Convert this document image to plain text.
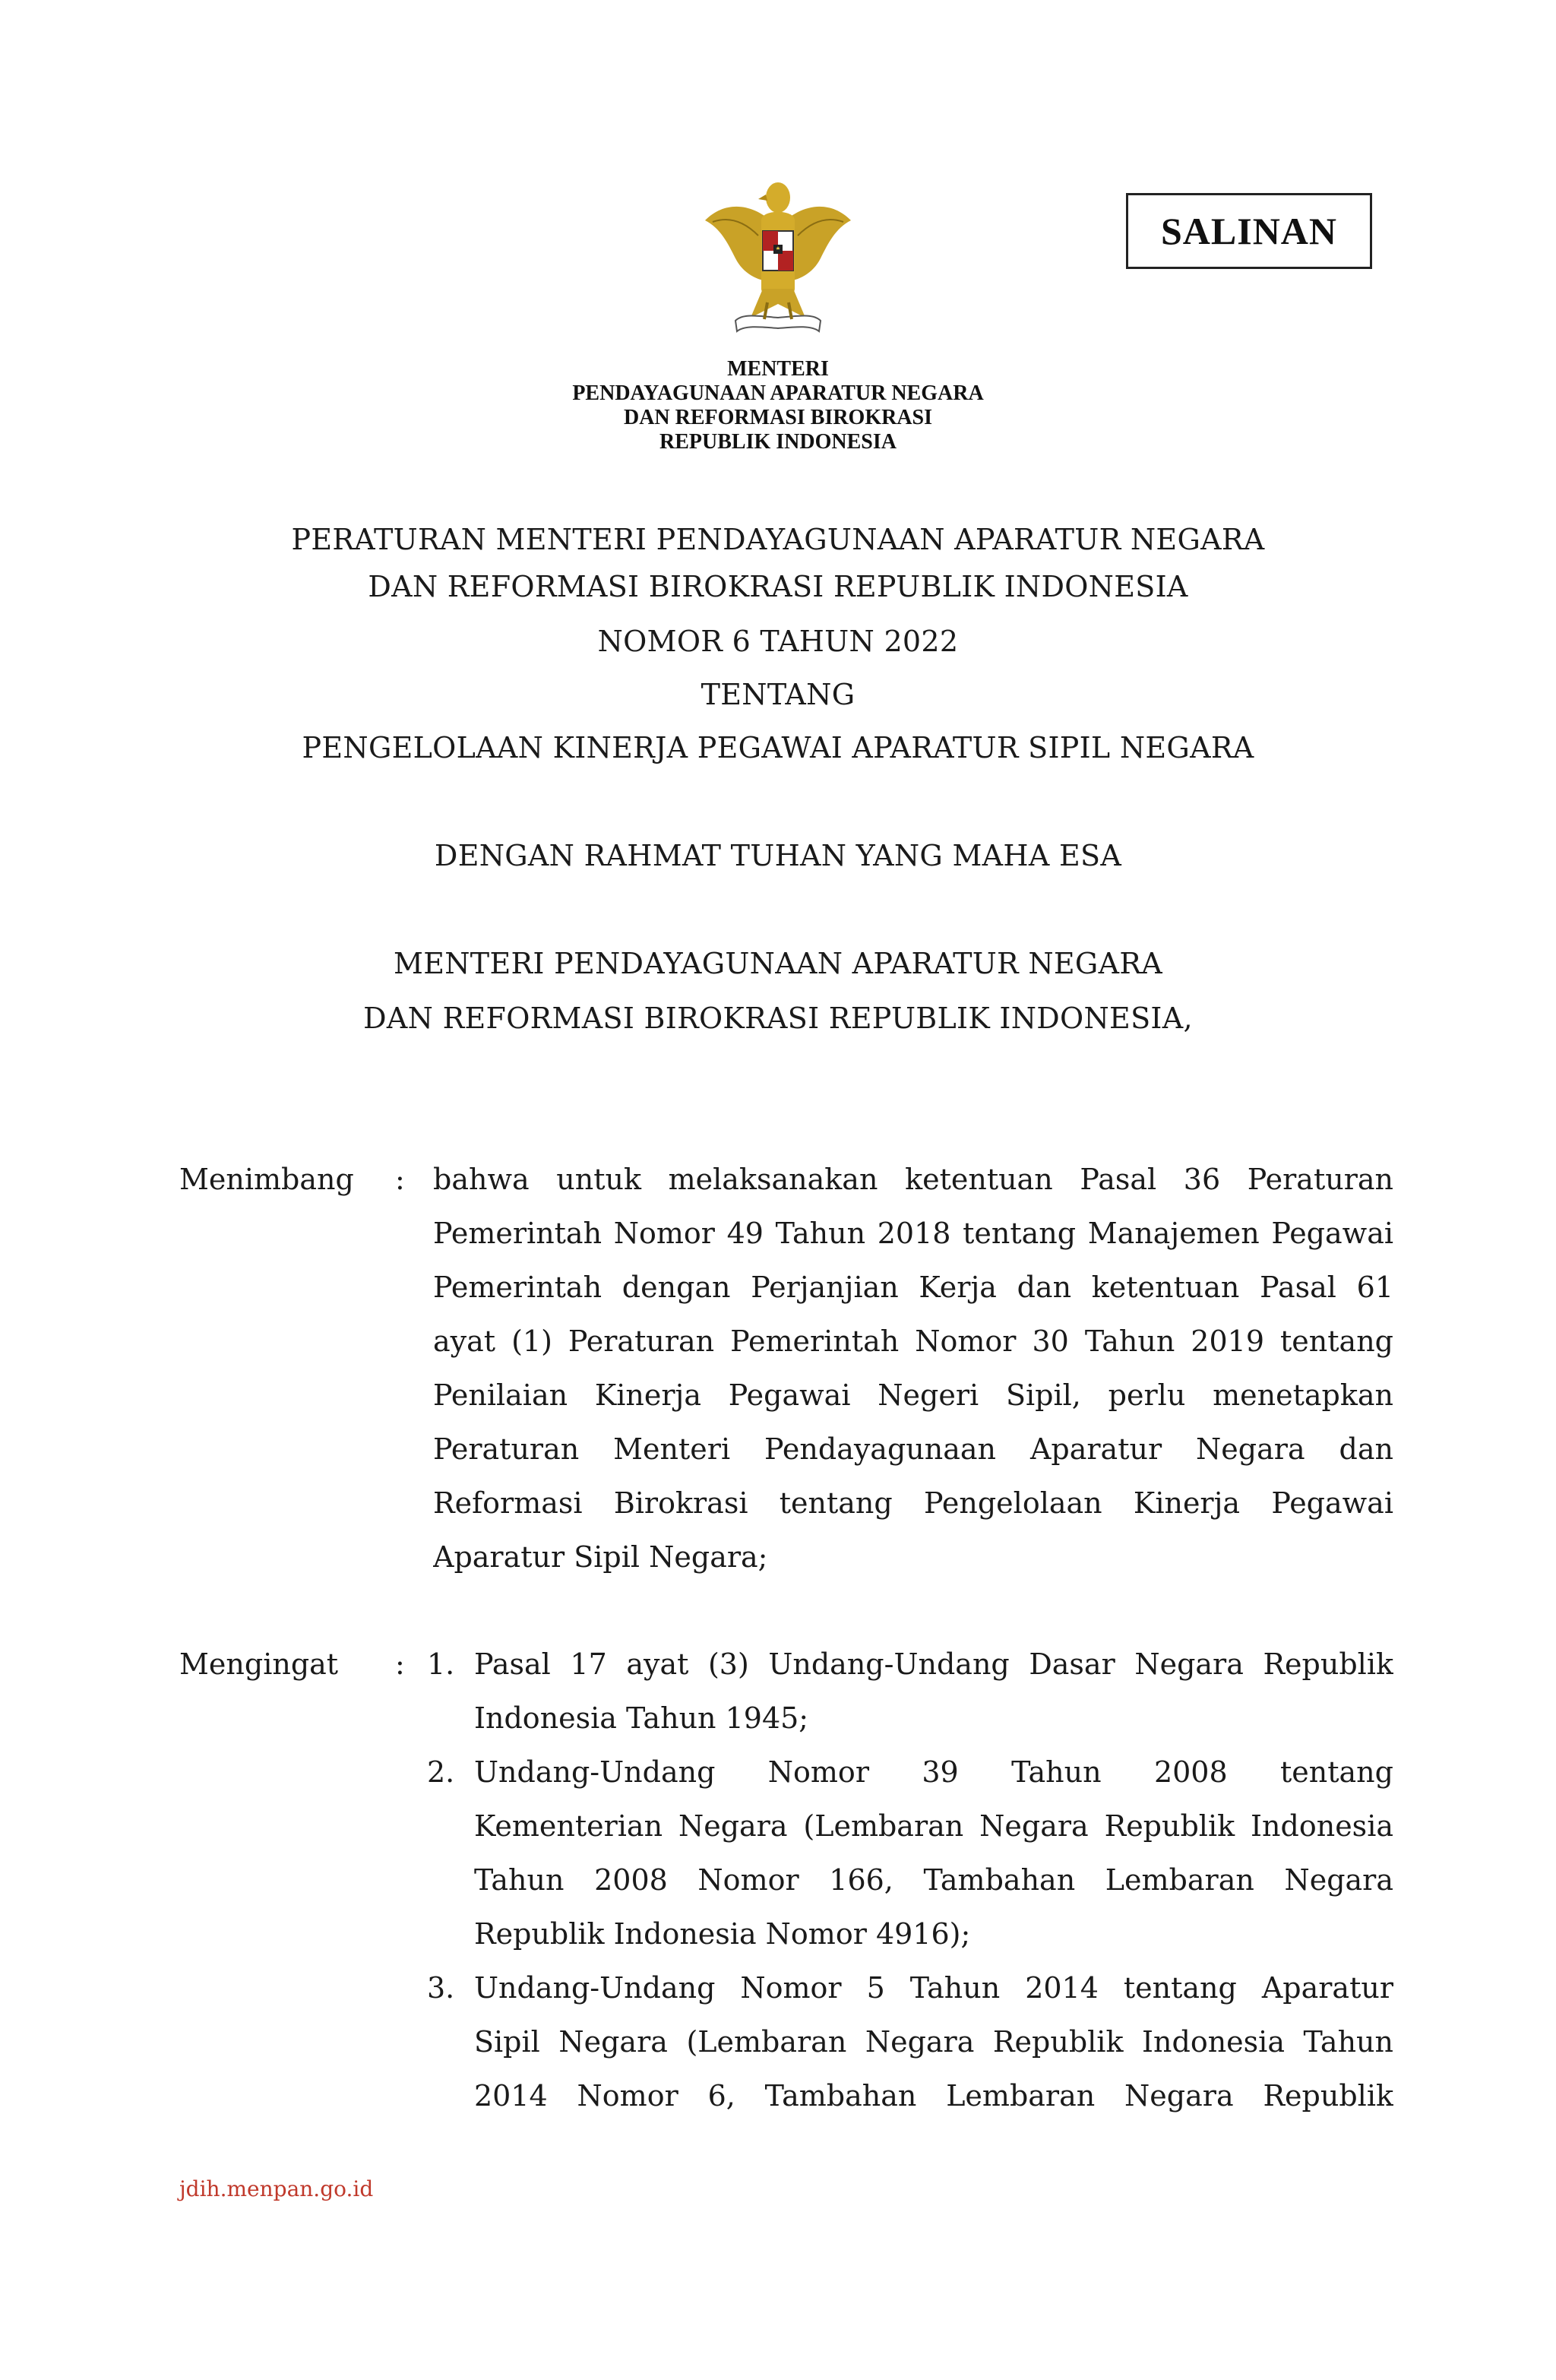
MENTERI
PENDAYAGUNAAN APARATUR NEGARA
DAN REFORMASI BIROKRASI
REPUBLIK INDONESIA
SALINAN
PERATURAN MENTERI PENDAYAGUNAAN APARATUR NEGARA
DAN REFORMASI BIROKRASI REPUBLIK INDONESIA
NOMOR 6 TAHUN 2022
TENTANG
PENGELOLAAN KINERJA PEGAWAI APARATUR SIPIL NEGARA
DENGAN RAHMAT TUHAN YANG MAHA ESA
MENTERI PENDAYAGUNAAN APARATUR NEGARA
DAN REFORMASI BIROKRASI REPUBLIK INDONESIA,
Menimbang : bahwa untuk melaksanakan ketentuan Pasal 36 Peraturan
Pemerintah Nomor 49 Tahun 2018 tentang Manajemen Pegawai
Pemerintah dengan Perjanjian Kerja dan ketentuan Pasal 61
ayat (1) Peraturan Pemerintah Nomor 30 Tahun 2019 tentang
Penilaian Kinerja Pegawai Negeri Sipil, perlu menetapkan
Peraturan Menteri Pendayagunaan Aparatur Negara dan
Reformasi Birokrasi tentang Pengelolaan Kinerja Pegawai
Aparatur Sipil Negara;
Mengingat : 1. Pasal 17 ayat (3) Undang-Undang Dasar Negara Republik
Indonesia Tahun 1945;
2. Undang-Undang Nomor 39 Tahun 2008 tentang
Kementerian Negara (Lembaran Negara Republik Indonesia
Tahun 2008 Nomor 166, Tambahan Lembaran Negara
Republik Indonesia Nomor 4916);
3. Undang-Undang Nomor 5 Tahun 2014 tentang Aparatur
Sipil Negara (Lembaran Negara Republik Indonesia Tahun
2014 Nomor 6, Tambahan Lembaran Negara Republik
jdih.menpan.go.id
